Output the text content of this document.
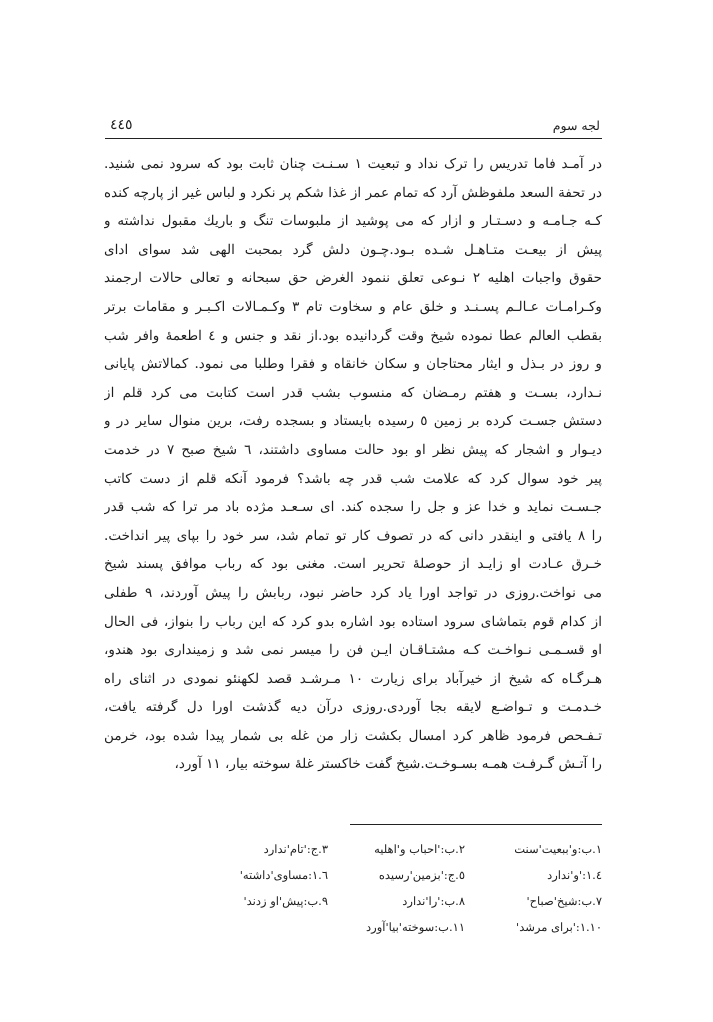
لجه سوم
٤٤٥
در آمـد فاما تدریس را ترک نداد و تبعیت ١ سـنـت چنان ثابت بود که سرود نمی شنید.
در تحفة السعد ملفوظش آرد که تمام عمر از غذا شکم پر نکرد و لباس غیر از پارچه کنده
کـه جـامـه و دسـتـار و ازار که می پوشید از ملبوسات تنگ و باریك مقبول نداشته و
پیش از بیعـت متـاهـل شـده بـود.چـون دلش گرد بمحبت الهی شد سوای ادای
حقوق واجبات اهلیه ٢ نـوعی تعلق ننمود الغرض حق سبحانه و تعالی حالات ارجمند
وکـرامـات عـالـم پسـنـد و خلق عام و سخاوت تام ٣ وکـمـالات اکـبـر و مقامات برتر
بقطب العالم عطا نموده شیخ وقت گردانیده بود.از نقد و جنس و ٤ اطعمۀ وافر شب
و روز در بـذل و ایثار محتاجان و سکان خانقاه و فقرا وطلبا می نمود. کمالاتش پایانی
نـدارد، بسـت و هفتم رمـضان که منسوب بشب قدر است کتابت می کرد قلم از
دستش جسـت کرده بر زمین ٥ رسیده بایستاد و بسجده رفت، برین منوال سایر در و
دیـوار و اشجار که پیش نظر او بود حالت مساوی داشتند، ٦ شیخ صبح ٧ در خدمت
پیر خود سوال کرد که علامت شب قدر چه باشد؟ فرمود آنکه قلم از دست کاتب
جـسـت نماید و خدا عز و جل را سجده کند. ای سـعـد مژده باد مر ترا که شب قدر
را ٨ یافتی و اینقدر دانی که در تصوف کار تو تمام شد، سر خود را بپای پیر انداخت.
خـرق عـادت او زایـد از حوصلۀ تحریر است. مغنی بود که رباب موافق پسند شیخ
می نواخت.روزی در تواجد اورا یاد کرد حاضر نبود، ربابش را پیش آوردند، ٩ طفلی
از کدام قوم بتماشای سرود استاده بود اشاره بدو کرد که این رباب را بنواز، فی الحال
او قسـمـی نـواخـت کـه مشتـاقـان ایـن فن را میسر نمی شد و زمینداری بود هندو،
هـرگـاه که شیخ از خیرآباد برای زیارت ١٠ مـرشـد قصد لکهنئو نمودی در اثنای راه
خـدمـت و تـواضـع لایقه بجا آوردی.روزی درآن دیه گذشت اورا دل گرفته یافت،
تـفـحص فرمود ظاهر کرد امسال بکشت زار من غله بی شمار پیدا شده بود، خرمن
را آتـش گـرفـت همـه بسـوخـت.شیخ گفت خاکستر غلۀ سوخته بیار، ١١ آورد،
١.ب:و'ببعیت'سنت
٢.ب:'احباب و'اهلیه
٣.ج:'تام'ندارد
١.٤:'و'ندارد
٥.ج:'بزمین'رسیده
١.٦:مساوی'داشته'
٧.ب:شیخ'صباح'
٨.ب:'را'ندارد
٩.ب:پیش'او زدند'
١.١٠:'برای مرشد'
١١.ب:سوخته'بیا'آورد
